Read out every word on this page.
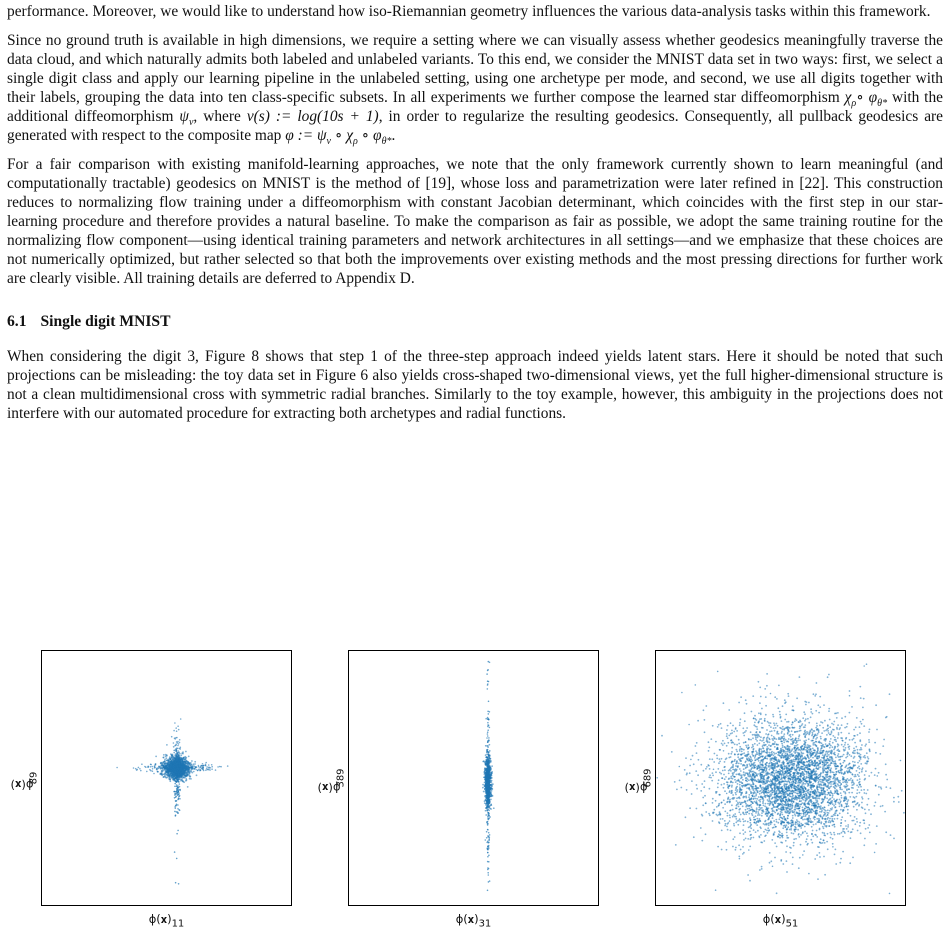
performance. Moreover, we would like to understand how iso-Riemannian geometry influences the various data-analysis tasks within this framework.

Since no ground truth is available in high dimensions, we require a setting where we can visually assess whether geodesics meaningfully traverse the data cloud, and which naturally admits both labeled and unlabeled variants. To this end, we consider the MNIST data set in two ways: first, we select a single digit class and apply our learning pipeline in the unlabeled setting, using one archetype per mode, and second, we use all digits together with their labels, grouping the data into ten class-specific subsets. In all experiments we further compose the learned star diffeomorphism $\chi_\rho\circ$ $\varphi_{\theta*}$ with the additional diffeomorphism $\psi_v$, where v(s) := log(10s + 1), in order to regularize the resulting geodesics. Consequently, all pullback geodesics are generated with respect to the composite map φ := $\psi_v$ ∘ $\chi_\rho$ ∘ $\varphi_{\theta*}$.

For a fair comparison with existing manifold-learning approaches, we note that the only framework currently shown to learn meaningful (and computationally tractable) geodesics on MNIST is the method of [19], whose loss and parametrization were later refined in [22]. This construction reduces to normalizing flow training under a diffeomorphism with constant Jacobian determinant, which coincides with the first step in our star-learning procedure and therefore provides a natural baseline. To make the comparison as fair as possible, we adopt the same training routine for the normalizing flow component—using identical training parameters and network architectures in all settings—and we emphasize that these choices are not numerically optimized, but rather selected so that both the improvements over existing methods and the most pressing directions for further work are clearly visible. All training details are deferred to Appendix D.

6.1 Single digit MNIST

When considering the digit 3, Figure 8 shows that step 1 of the three-step approach indeed yields latent stars. Here it should be noted that such projections can be misleading: the toy data set in Figure 6 also yields cross-shaped two-dimensional views, yet the full higher-dimensional structure is not a clean multidimensional cross with symmetric radial branches. Similarly to the toy example, however, this ambiguity in the projections does not interfere with our automated procedure for extracting both archetypes and radial functions.

ϕ(𝐱)
$_{89}$
$\phi(𝐱)_{11}$
ϕ(𝐱)
$_{389}$
$\phi(𝐱)_{31}$
ϕ(𝐱)
$_{689}$
$\phi(𝐱)_{51}$
